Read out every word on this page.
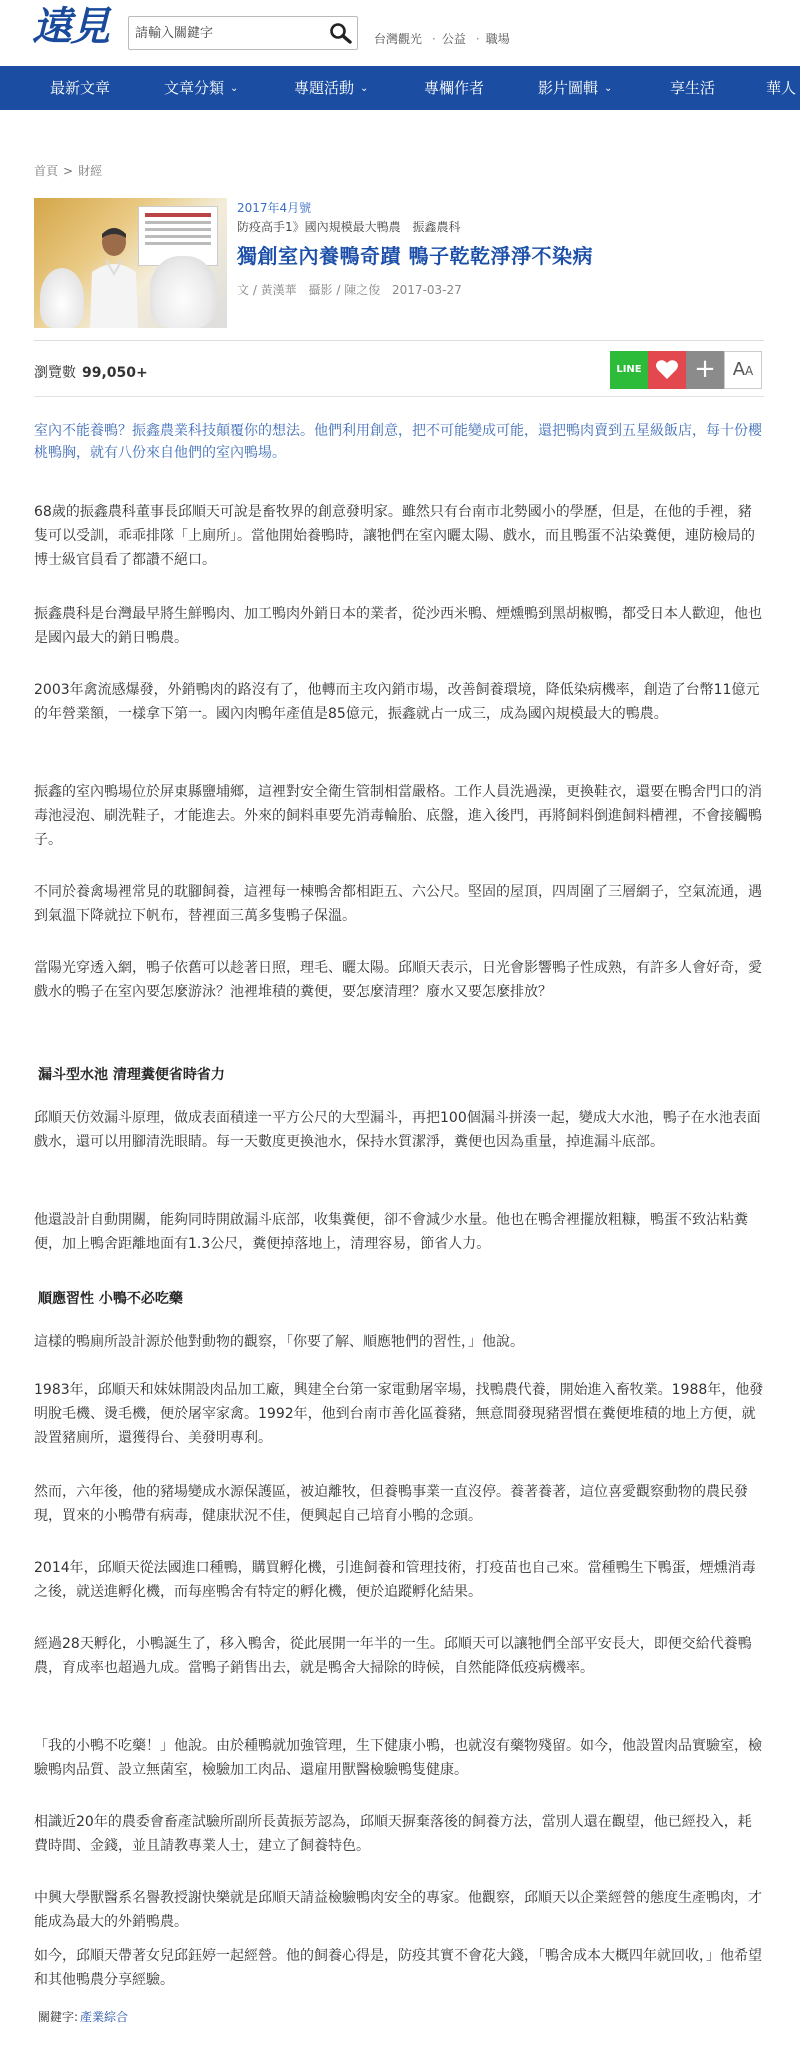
遠見
請輸入關鍵字	台灣觀光 · 公益 · 職場
最新文章	文章分類 ⌄	專題活動 ⌄	專欄作者	影片圖輯 ⌄	享生活	華人
首頁 > 財經
2017年4月號
防疫高手1》國內規模最大鴨農 振鑫農科
獨創室內養鴨奇蹟 鴨子乾乾淨淨不染病
文 / 黃漢華 攝影 / 陳之俊 2017-03-27
瀏覽數 99,050+	LINE	+ AA
室內不能養鴨？振鑫農業科技顛覆你的想法。他們利用創意，把不可能變成可能，還把鴨肉賣到五星級飯店，每十份櫻桃鴨胸，就有八份來自他們的室內鴨場。
68歲的振鑫農科董事長邱順天可說是畜牧界的創意發明家。雖然只有台南市北勢國小的學歷，但是，在他的手裡，豬隻可以受訓，乖乖排隊「上廁所」。當他開始養鴨時，讓牠們在室內曬太陽、戲水，而且鴨蛋不沾染糞便，連防檢局的博士級官員看了都讚不絕口。
振鑫農科是台灣最早將生鮮鴨肉、加工鴨肉外銷日本的業者，從沙西米鴨、煙燻鴨到黑胡椒鴨，都受日本人歡迎，他也是國內最大的銷日鴨農。
2003年禽流感爆發，外銷鴨肉的路沒有了，他轉而主攻內銷市場，改善飼養環境，降低染病機率，創造了台幣11億元的年營業額，一樣拿下第一。國內肉鴨年產值是85億元，振鑫就占一成三，成為國內規模最大的鴨農。
振鑫的室內鴨場位於屏東縣鹽埔鄉，這裡對安全衛生管制相當嚴格。工作人員洗過澡，更換鞋衣，還要在鴨舍門口的消毒池浸泡、刷洗鞋子，才能進去。外來的飼料車要先消毒輪胎、底盤，進入後門，再將飼料倒進飼料槽裡，不會接觸鴨子。
不同於養禽場裡常見的耽腳飼養，這裡每一棟鴨舍都相距五、六公尺。堅固的屋頂，四周圍了三層網子，空氣流通，遇到氣溫下降就拉下帆布，替裡面三萬多隻鴨子保溫。
當陽光穿透入網，鴨子依舊可以趁著日照，理毛、曬太陽。邱順天表示，日光會影響鴨子性成熟，有許多人會好奇，愛戲水的鴨子在室內要怎麼游泳？池裡堆積的糞便，要怎麼清理？廢水又要怎麼排放？
漏斗型水池 清理糞便省時省力
邱順天仿效漏斗原理，做成表面積達一平方公尺的大型漏斗，再把100個漏斗拼湊一起，變成大水池，鴨子在水池表面戲水，還可以用腳清洗眼睛。每一天數度更換池水，保持水質潔淨，糞便也因為重量，掉進漏斗底部。
他還設計自動開關，能夠同時開啟漏斗底部，收集糞便，卻不會減少水量。他也在鴨舍裡擺放粗糠，鴨蛋不致沾粘糞便，加上鴨舍距離地面有1.3公尺，糞便掉落地上，清理容易，節省人力。
順應習性 小鴨不必吃藥
這樣的鴨廁所設計源於他對動物的觀察，「你要了解、順應牠們的習性，」他說。
1983年，邱順天和妹妹開設肉品加工廠，興建全台第一家電動屠宰場，找鴨農代養，開始進入畜牧業。1988年，他發明脫毛機、燙毛機，便於屠宰家禽。1992年，他到台南市善化區養豬，無意間發現豬習慣在糞便堆積的地上方便，就設置豬廁所，還獲得台、美發明專利。
然而，六年後，他的豬場變成水源保護區，被迫離牧，但養鴨事業一直沒停。養著養著，這位喜愛觀察動物的農民發現，買來的小鴨帶有病毒，健康狀況不佳，便興起自己培育小鴨的念頭。
2014年，邱順天從法國進口種鴨，購買孵化機，引進飼養和管理技術，打疫苗也自己來。當種鴨生下鴨蛋，煙燻消毒之後，就送進孵化機，而每座鴨舍有特定的孵化機，便於追蹤孵化結果。
經過28天孵化，小鴨誕生了，移入鴨舍，從此展開一年半的一生。邱順天可以讓牠們全部平安長大，即便交給代養鴨農，育成率也超過九成。當鴨子銷售出去，就是鴨舍大掃除的時候，自然能降低疫病機率。
「我的小鴨不吃藥！」他說。由於種鴨就加強管理，生下健康小鴨，也就沒有藥物殘留。如今，他設置肉品實驗室，檢驗鴨肉品質、設立無菌室，檢驗加工肉品、還雇用獸醫檢驗鴨隻健康。
相識近20年的農委會畜產試驗所副所長黃振芳認為，邱順天摒棄落後的飼養方法，當別人還在觀望，他已經投入，耗費時間、金錢，並且請教專業人士，建立了飼養特色。
中興大學獸醫系名譽教授謝快樂就是邱順天請益檢驗鴨肉安全的專家。他觀察，邱順天以企業經營的態度生產鴨肉，才能成為最大的外銷鴨農。
如今，邱順天帶著女兒邱鈺婷一起經營。他的飼養心得是，防疫其實不會花大錢，「鴨舍成本大概四年就回收，」他希望和其他鴨農分享經驗。
關鍵字: 產業綜合
